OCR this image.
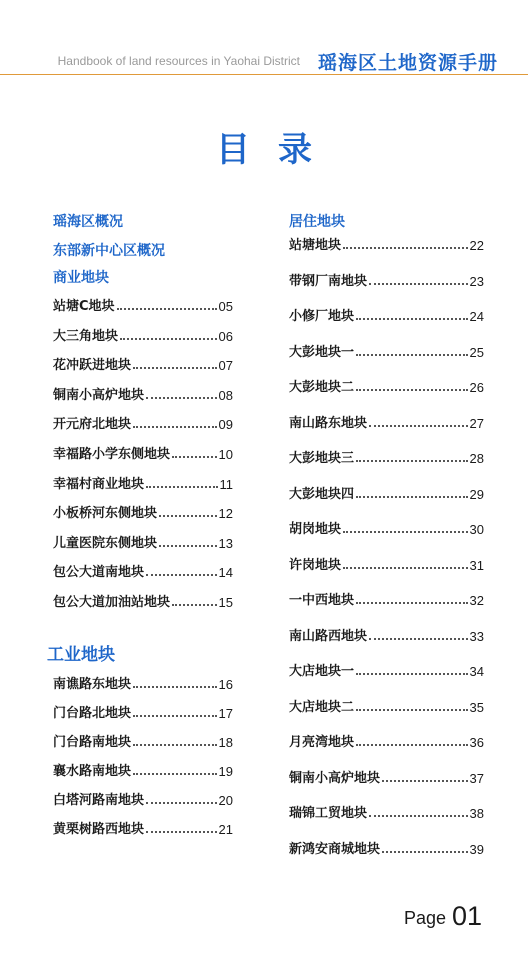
Handbook of land resources in Yaohai District 瑶海区土地资源手册
目录
瑶海区概况
东部新中心区概况
商业地块
站塘C地块	05
大三角地块	06
花冲跃进地块	07
铜南小高炉地块	08
开元府北地块	09
幸福路小学东侧地块	10
幸福村商业地块	11
小板桥河东侧地块	12
儿童医院东侧地块	13
包公大道南地块	14
包公大道加油站地块	15
工业地块
南谯路东地块	16
门台路北地块	17
门台路南地块	18
襄水路南地块	19
白塔河路南地块	20
黄栗树路西地块	21
居住地块
站塘地块	22
带钢厂南地块	23
小修厂地块	24
大彭地块一	25
大彭地块二	26
南山路东地块	27
大彭地块三	28
大彭地块四	29
胡岗地块	30
许岗地块	31
一中西地块	32
南山路西地块	33
大店地块一	34
大店地块二	35
月亮湾地块	36
铜南小高炉地块	37
瑞锦工贸地块	38
新鸿安商城地块	39
Page 01
